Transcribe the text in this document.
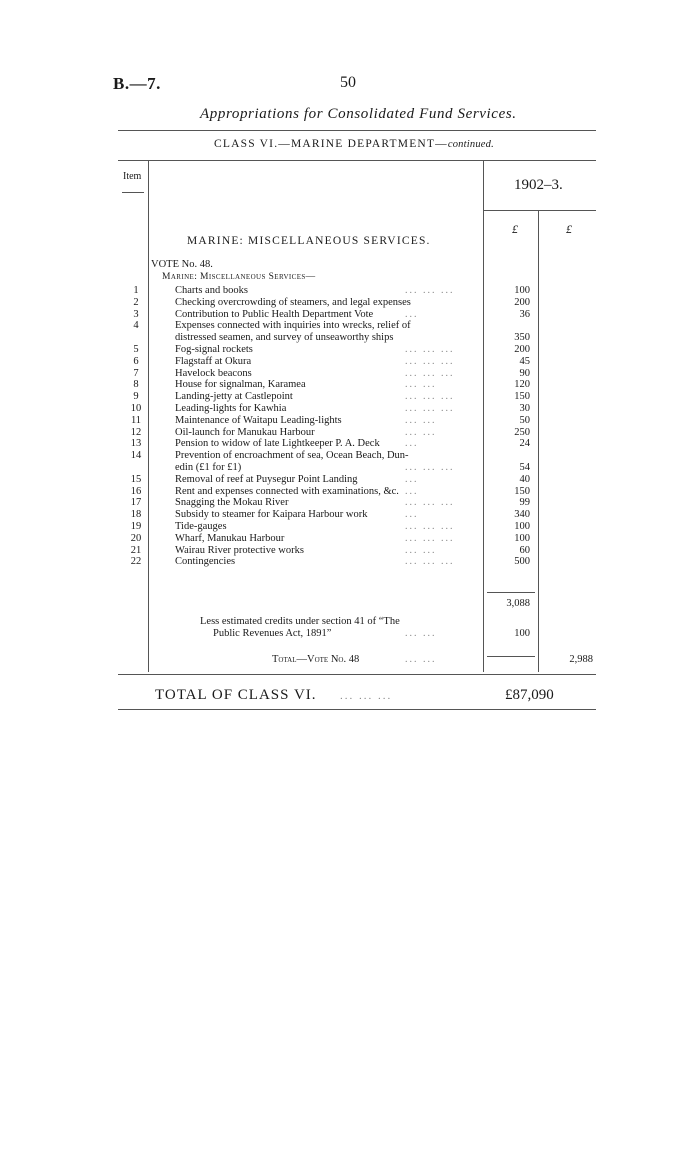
B.—7.	50
Appropriations for Consolidated Fund Services.
CLASS VI.—MARINE DEPARTMENT—continued.
Item
1902–3.
£	£
MARINE: MISCELLANEOUS SERVICES.
VOTE No. 48.
Marine: Miscellaneous Services—
1	Charts and books	... ... ...	100
2	Checking overcrowding of steamers, and legal expenses	200
3	Contribution to Public Health Department Vote	...	36
4	Expenses connected with inquiries into wrecks, relief of
distressed seamen, and survey of unseaworthy ships	350
5	Fog-signal rockets	... ... ...	200
6	Flagstaff at Okura	... ... ...	45
7	Havelock beacons	... ... ...	90
8	House for signalman, Karamea	... ...	120
9	Landing-jetty at Castlepoint	... ... ...	150
10	Leading-lights for Kawhia	... ... ...	30
11	Maintenance of Waitapu Leading-lights	... ...	50
12	Oil-launch for Manukau Harbour	... ...	250
13	Pension to widow of late Lightkeeper P. A. Deck	...	24
14	Prevention of encroachment of sea, Ocean Beach, Dun-
edin (£1 for £1)	... ... ...	54
15	Removal of reef at Puysegur Point Landing	...	40
16	Rent and expenses connected with examinations, &c. ...	150
17	Snagging the Mokau River	... ... ...	99
18	Subsidy to steamer for Kaipara Harbour work	...	340
19	Tide-gauges	... ... ...	100
20	Wharf, Manukau Harbour	... ... ...	100
21	Wairau River protective works	... ...	60
22	Contingencies	... ... ...	500
3,088
Less estimated credits under section 41 of “The
Public Revenues Act, 1891”	... ...	100
Total—Vote No. 48	... ...	2,988
TOTAL OF CLASS VI. ... ... ...	£87,090
